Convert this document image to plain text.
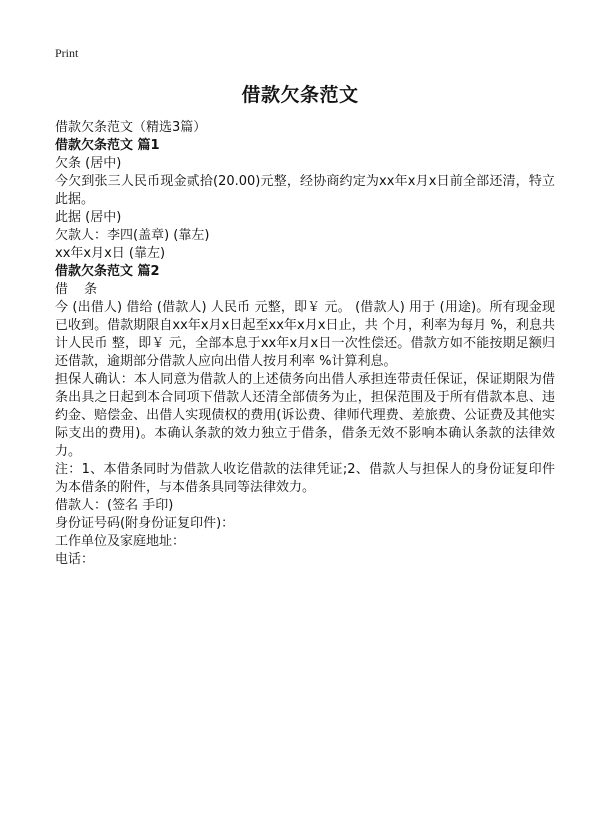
Print
借款欠条范文

借款欠条范文（精选3篇）

借款欠条范文 篇1

欠条 (居中)

今欠到张三人民币现金贰拾(20.00)元整，经协商约定为xx年x月x日前全部还清，特立此据。

此据 (居中)

欠款人：李四(盖章) (靠左)

xx年x月x日 (靠左)

借款欠条范文 篇2

借 条

今 (出借人) 借给 (借款人) 人民币 元整，即￥ 元。 (借款人) 用于 (用途)。所有现金现已收到。借款期限自xx年x月x日起至xx年x月x日止，共 个月，利率为每月 %，利息共计人民币 整，即￥ 元，全部本息于xx年x月x日一次性偿还。借款方如不能按期足额归还借款，逾期部分借款人应向出借人按月利率 %计算利息。

担保人确认：本人同意为借款人的上述债务向出借人承担连带责任保证，保证期限为借条出具之日起到本合同项下借款人还清全部债务为止，担保范围及于所有借款本息、违约金、赔偿金、出借人实现债权的费用(诉讼费、律师代理费、差旅费、公证费及其他实际支出的费用)。本确认条款的效力独立于借条，借条无效不影响本确认条款的法律效力。

注：1、本借条同时为借款人收讫借款的法律凭证;2、借款人与担保人的身份证复印件为本借条的附件，与本借条具同等法律效力。

借款人：(签名 手印)

身份证号码(附身份证复印件)：

工作单位及家庭地址：

电话：
